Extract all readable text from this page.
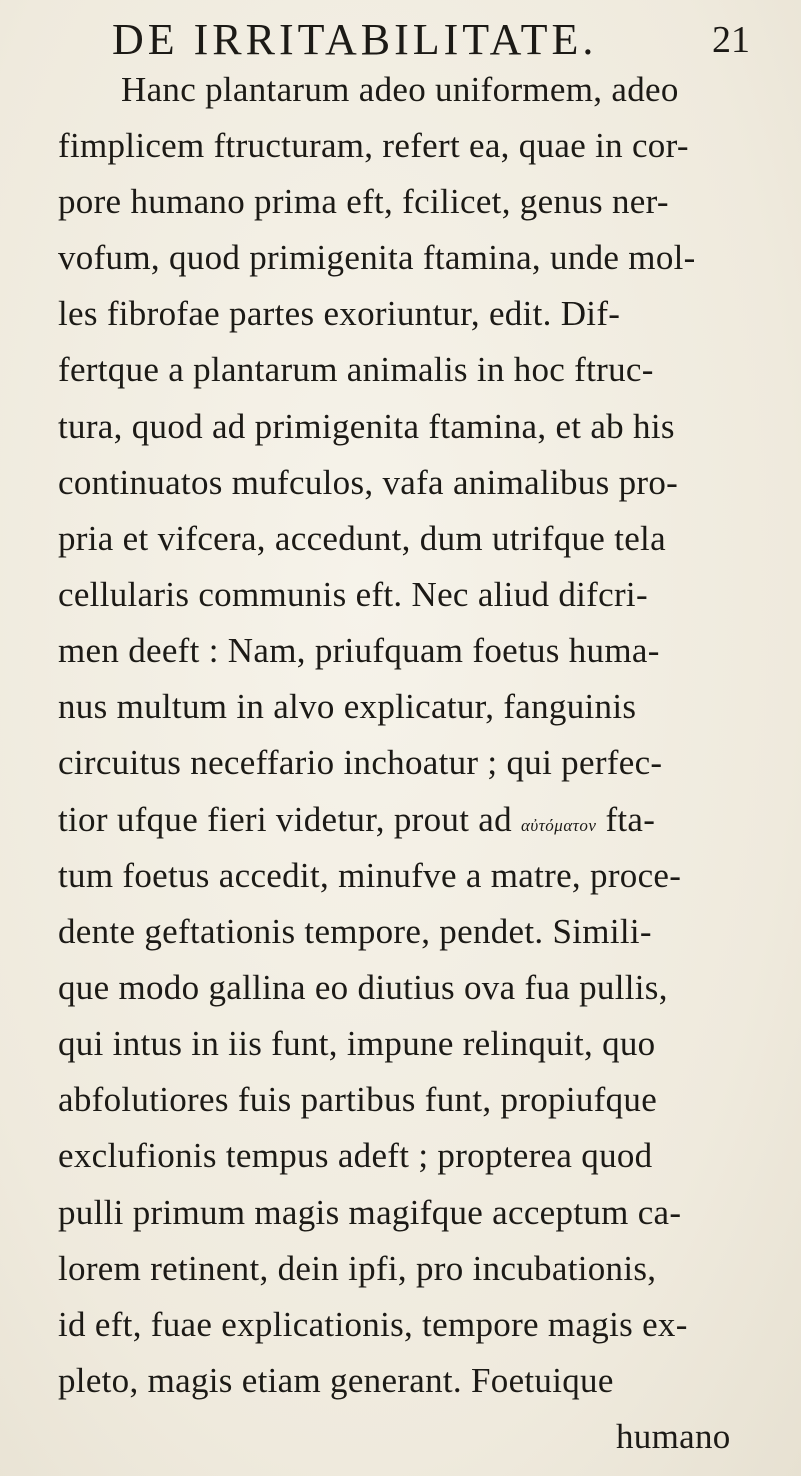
DE IRRITABILITATE.	21
Hanc plantarum adeo uniformem, adeo
fimplicem ftructuram, refert ea, quae in cor-
pore humano prima eft, fcilicet, genus ner-
vofum, quod primigenita ftamina, unde mol-
les fibrofae partes exoriuntur, edit. Dif-
fertque a plantarum animalis in hoc ftruc-
tura, quod ad primigenita ftamina, et ab his
continuatos mufculos, vafa animalibus pro-
pria et vifcera, accedunt, dum utrifque tela
cellularis communis eft. Nec aliud difcri-
men deeft : Nam, priufquam foetus huma-
nus multum in alvo explicatur, fanguinis
circuitus neceffario inchoatur ; qui perfec-
tior ufque fieri videtur, prout ad αὐτόματον fta-
tum foetus accedit, minufve a matre, proce-
dente geftationis tempore, pendet. Simili-
que modo gallina eo diutius ova fua pullis,
qui intus in iis funt, impune relinquit, quo
abfolutiores fuis partibus funt, propiufque
exclufionis tempus adeft ; propterea quod
pulli primum magis magifque acceptum ca-
lorem retinent, dein ipfi, pro incubationis,
id eft, fuae explicationis, tempore magis ex-
pleto, magis etiam generant. Foetuique
humano
